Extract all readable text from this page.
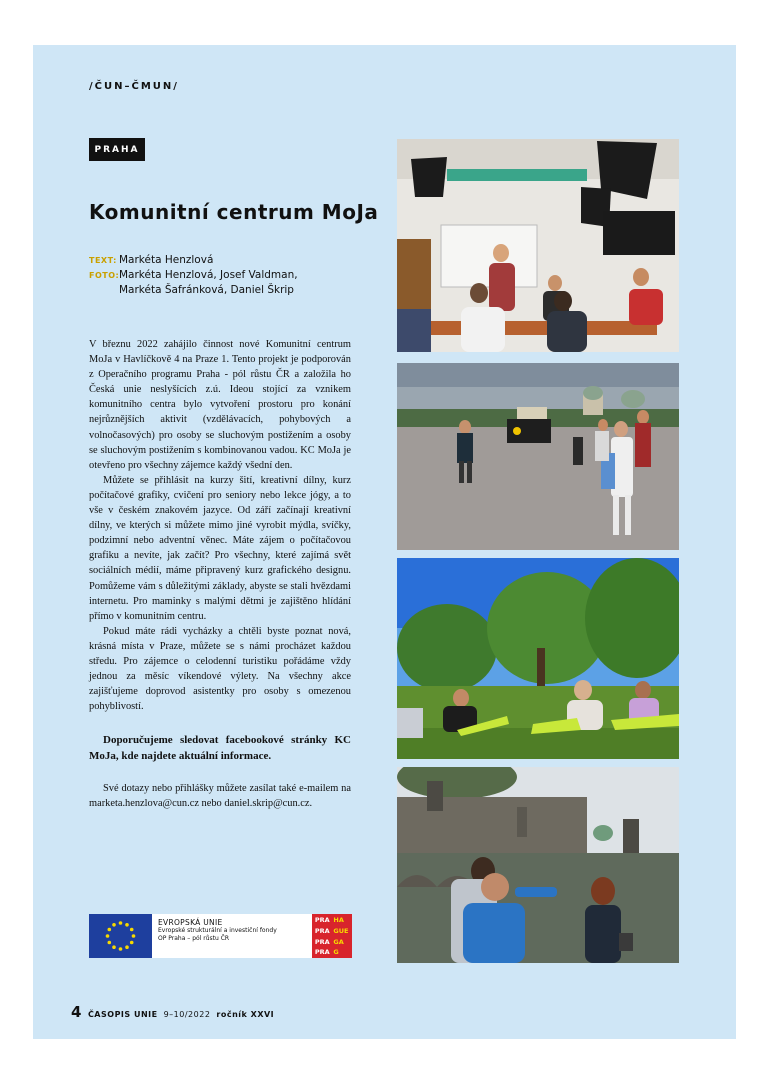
/ČUN–ČMUN/
PRAHA
Komunitní centrum MoJa
TEXT: Markéta Henzlová
FOTO:Markéta Henzlová, Josef Valdman,
Markéta Šafránková, Daniel Škrip

V březnu 2022 zahájilo činnost nové Komunitní centrum MoJa v Havlíčkově 4 na Praze 1. Tento projekt je podporován z Operačního programu Praha - pól růstu ČR a založila ho Česká unie neslyšících z.ú. Ideou stojící za vznikem komunitního centra bylo vytvoření prostoru pro konání nejrůznějších aktivit (vzdělávacích, pohybových a volnočasových) pro osoby se sluchovým postižením a osoby se sluchovým postižením s kombinovanou vadou. KC MoJa je otevřeno pro všechny zájemce každý všední den.

Můžete se přihlásit na kurzy šití, kreativní dílny, kurz počítačové grafiky, cvičení pro seniory nebo lekce jógy, a to vše v českém znakovém jazyce. Od září začínají kreativní dílny, ve kterých si můžete mimo jiné vyrobit mýdla, svíčky, podzimní nebo adventní věnec. Máte zájem o počítačovou grafiku a nevíte, jak začít? Pro všechny, které zajímá svět sociálních médií, máme připravený kurz grafického designu. Pomůžeme vám s důležitými základy, abyste se stali hvězdami internetu. Pro maminky s malými dětmi je zajištěno hlídání přímo v komunitním centru.

Pokud máte rádi vycházky a chtěli byste poznat nová, krásná místa v Praze, můžete se s námi procházet každou středu. Pro zájemce o celodenní turistiku pořádáme vždy jednou za měsíc víkendové výlety. Na všechny akce zajišťujeme doprovod asistentky pro osoby s omezenou pohyblivostí.

Doporučujeme sledovat facebookové stránky KC MoJa, kde najdete aktuální informace.

Své dotazy nebo přihlášky můžete zasílat také e-mailem na marketa.henzlova@cun.cz nebo daniel.skrip@cun.cz.

EVROPSKÁ UNIE
Evropské strukturální a investiční fondy
OP Praha – pól růstu ČR
PRA HA
PRA GUE
PRA GA
PRA G
4 ČASOPIS UNIE 9–10/2022 ročník XXVI
